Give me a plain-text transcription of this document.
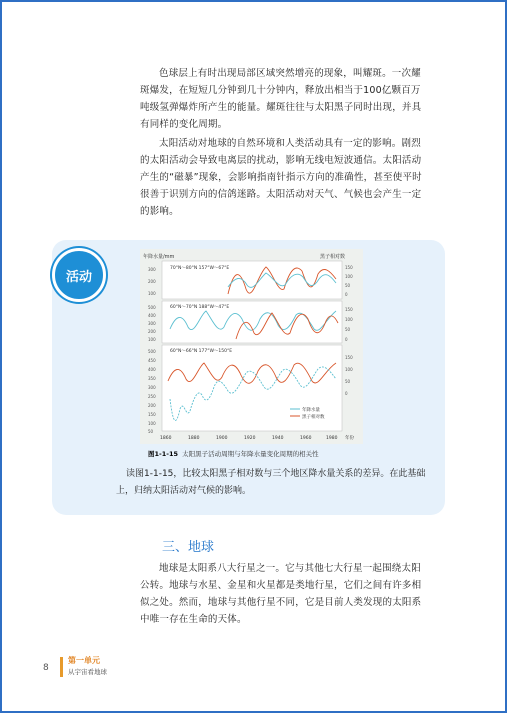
色球层上有时出现局部区域突然增亮的现象，叫耀斑。一次耀斑爆发，在短短几分钟到几十分钟内，释放出相当于100亿颗百万吨级氢弹爆炸所产生的能量。耀斑往往与太阳黑子同时出现，并具有同样的变化周期。

太阳活动对地球的自然环境和人类活动具有一定的影响。剧烈的太阳活动会导致电离层的扰动，影响无线电短波通信。太阳活动产生的“磁暴”现象，会影响指南针指示方向的准确性，甚至使平时很善于识别方向的信鸽迷路。太阳活动对天气、气候也会产生一定的影响。

活动
年降水量/mm	黑子相对数
70°N～80°N 157°W～67°E
60°N～70°N 188°W～47°E
60°N～66°N 177°W～150°E
年降水量
黑子相对数
1860	1880	1900	1920	1940	1960	1980 年份
300
200
100
500
400
300
200
100
500
450
400
350
300
250
200
150
100
50
150
100
50
0
150
100
50
0
150
100
50
0
图1-1-15 太阳黑子活动周期与年降水量变化周期的相关性

读图1-1-15，比较太阳黑子相对数与三个地区降水量关系的差异。在此基础上，归纳太阳活动对气候的影响。

三、地球

地球是太阳系八大行星之一。它与其他七大行星一起围绕太阳公转。地球与水星、金星和火星都是类地行星，它们之间有许多相似之处。然而，地球与其他行星不同，它是目前人类发现的太阳系中唯一存在生命的天体。

8
第一单元
从宇宙看地球
